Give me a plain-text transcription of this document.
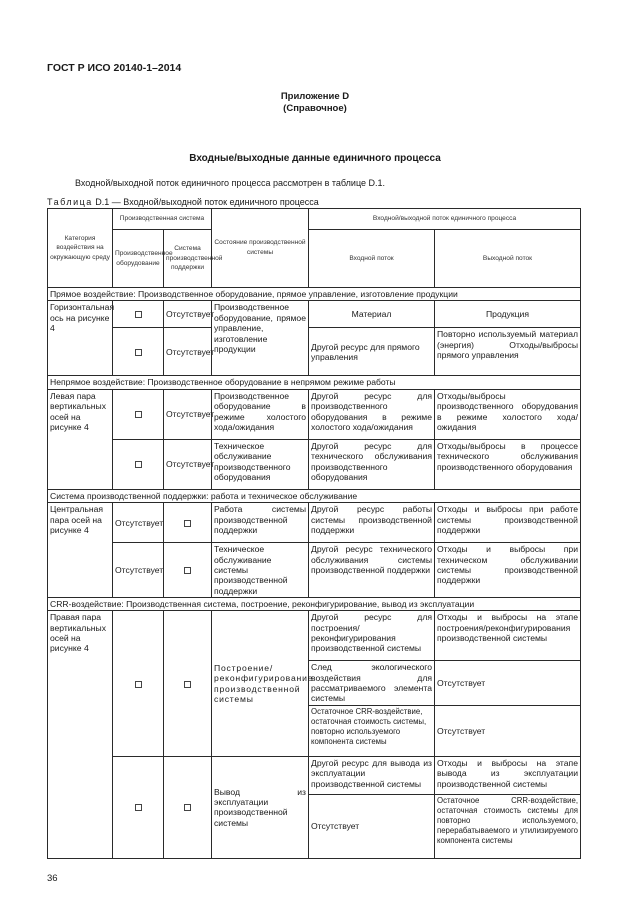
ГОСТ Р ИСО 20140-1–2014
Приложение D
(Справочное)
Входные/выходные данные единичного процесса
Входной/выходной поток единичного процесса рассмотрен в таблице D.1.
Таблица D.1 — Входной/выходной поток единичного процесса
Категория воздействия на окружающую среду	Производственная система		Состояние производственной системы	Входной/выходной поток единичного процесса	
	Производственное оборудование	Система производственной поддержки		Входной поток	Выходной поток
Прямое воздействие: Производственное оборудование, прямое управление, изготовление продукции					
Горизонтальная ось на рисунке 4		Отсутствует	Производственное оборудование, прямое управление, изготовление продукции	Материал	Продукция
		Отсутствует		Другой ресурс для прямого управления	Повторно используемый материал (энергия) Отходы/выбросы прямого управления
Непрямое воздействие: Производственное оборудование в непрямом режиме работы					
Левая пара вертикальных осей на рисунке 4		Отсутствует	Производственное оборудование в режиме холостого хода/ожидания	Другой ресурс для производственного оборудования в режиме холостого хода/ожидания	Отходы/выбросы производственного оборудования в режиме холостого хода/ожидания
		Отсутствует	Техническое обслуживание производственного оборудования	Другой ресурс для технического обслуживания производственного оборудования	Отходы/выбросы в процессе технического обслуживания производственного оборудования
Система производственной поддержки: работа и техническое обслуживание					
Центральная пара осей на рисунке 4	Отсутствует		Работа системы производственной поддержки	Другой ресурс работы системы производственной поддержки	Отходы и выбросы при работе системы производственной поддержки
	Отсутствует		Техническое обслуживание системы производственной поддержки	Другой ресурс технического обслуживания системы производственной поддержки	Отходы и выбросы при техническом обслуживании системы производственной поддержки
CRR-воздействие: Производственная система, построение, реконфигурирование, вывод из эксплуатации					
Правая пара вертикальных осей на рисунке 4			Построение/реконфигурирование производственной системы	Другой ресурс для построения/реконфигурирования производственной системы	Отходы и выбросы на этапе построения/реконфигурирования производственной системы
				След экологического воздействия для рассматриваемого элемента системы	Отсутствует
				Остаточное CRR-воздействие, остаточная стоимость системы, повторно используемого компонента системы	Отсутствует
			Вывод из эксплуатации производственной системы	Другой ресурс для вывода из эксплуатации производственной системы	Отходы и выбросы на этапе вывода из эксплуатации производственной системы
				Отсутствует	Остаточное CRR-воздействие, остаточная стоимость системы для повторно используемого, перерабатываемого и утилизируемого компонента системы
36
